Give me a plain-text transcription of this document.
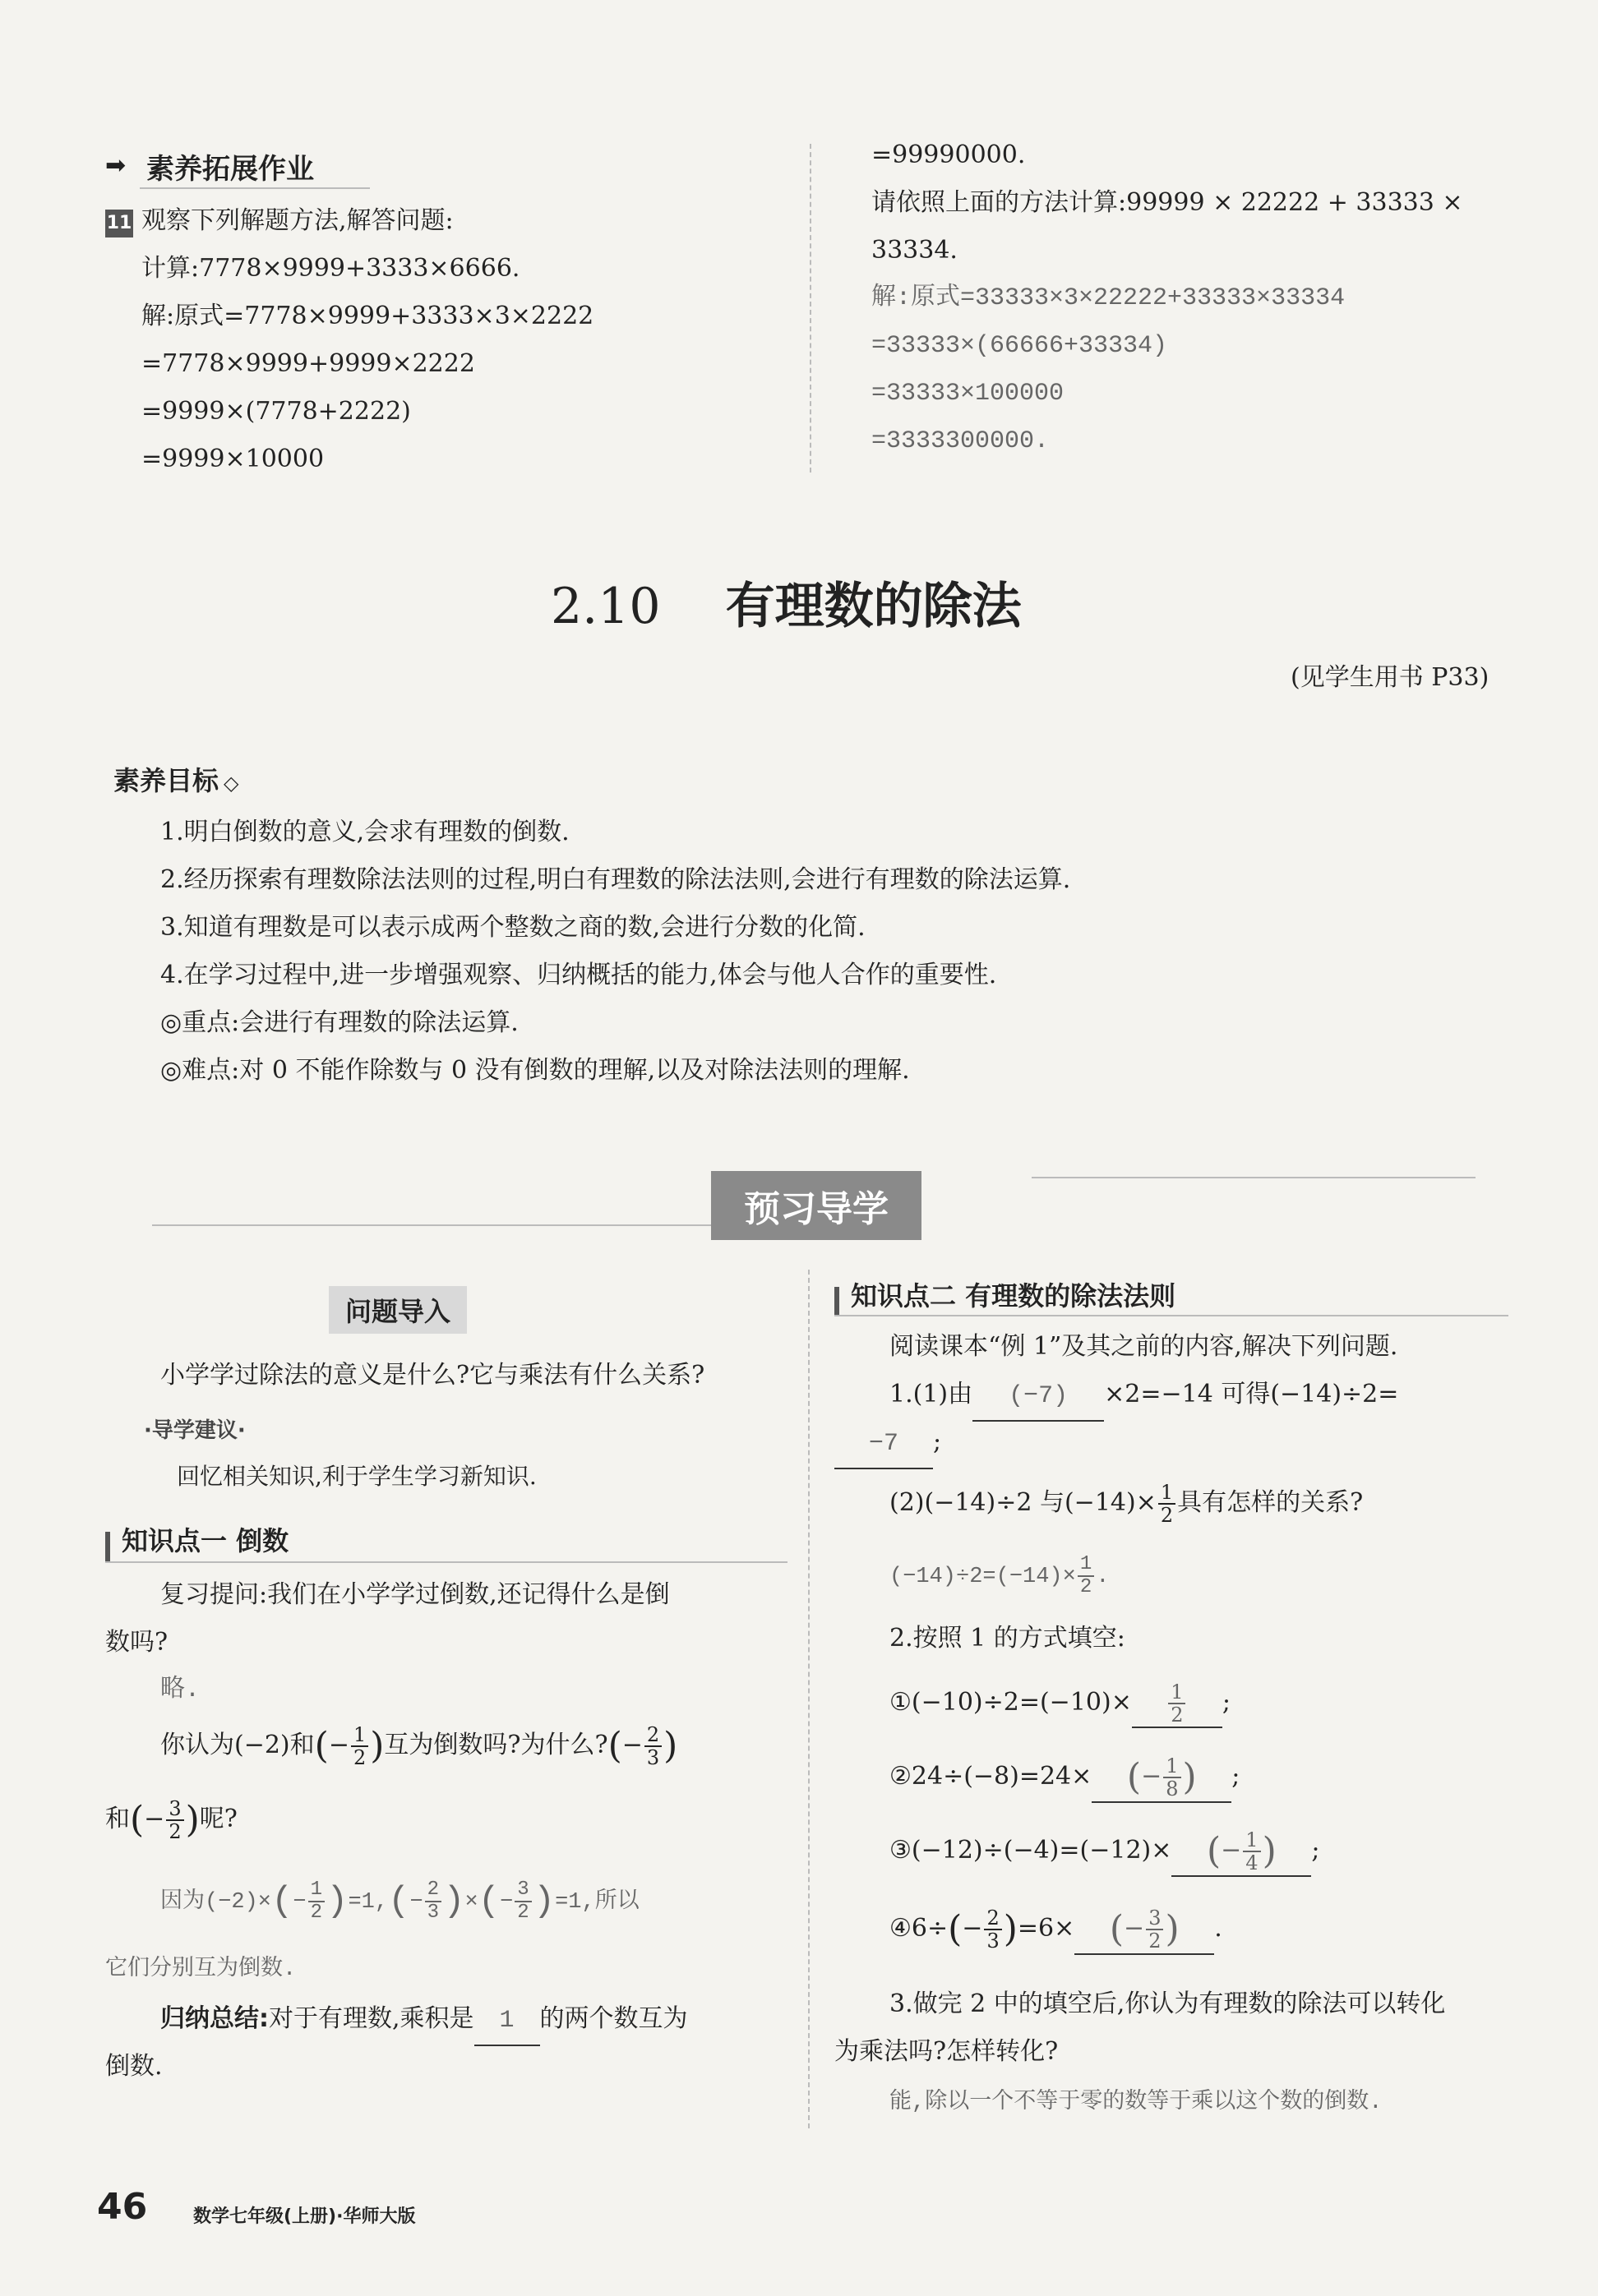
➡ 素养拓展作业
11 观察下列解题方法,解答问题:
计算:7778×9999+3333×6666.
解:原式=7778×9999+3333×3×2222
=7778×9999+9999×2222
=9999×(7778+2222)
=9999×10000
=99990000.
请依照上面的方法计算:99999 × 22222 + 33333 ×
33334.
解:原式=33333×3×22222+33333×33334
=33333×(66666+33334)
=33333×100000
=3333300000.
2.10 有理数的除法
(见学生用书 P33)
素养目标 ◇
1.明白倒数的意义,会求有理数的倒数.
2.经历探索有理数除法法则的过程,明白有理数的除法法则,会进行有理数的除法运算.
3.知道有理数是可以表示成两个整数之商的数,会进行分数的化简.
4.在学习过程中,进一步增强观察、归纳概括的能力,体会与他人合作的重要性.
◎重点:会进行有理数的除法运算.
◎难点:对 0 不能作除数与 0 没有倒数的理解,以及对除法法则的理解.
预习导学
问题导入
小学学过除法的意义是什么?它与乘法有什么关系?
·导学建议·
回忆相关知识,利于学生学习新知识.
知识点一 倒数
复习提问:我们在小学学过倒数,还记得什么是倒
数吗?
略.
你认为(−2)和(− $\frac{1}{2}$ )互为倒数吗?为什么?(− $\frac{2}{3}$ )
和(− $\frac{3}{2}$ )呢?
因为$(-2)\times(- \frac{1}{2} )=1,(- \frac{2}{3}$ )×(− $\frac{3}{2} )=1$,所以
它们分别互为倒数.
归纳总结:对于有理数,乘积是 1 的两个数互为
倒数.
知识点二 有理数的除法法则
阅读课本“例 1”及其之前的内容,解决下列问题.
1.(1)由 (−7) ×2=−14 可得(−14)÷2=
−7 ;
(2)(−14)÷2 与$(-14)\times \frac{1}{2}$ 具有怎样的关系?
$(-14)\div 2=(-14)\times \frac{1}{2}$ .
2.按照 1 的方式填空:
①(−10)÷2=(−10)× $\frac{1}{2}$ ;
②24÷(−8)=24× (− $\frac{1}{8}$ ) ;
③(−12)÷(−4)=(−12)× (− $\frac{1}{4}$ ) ;
④6÷(− $\frac{2}{3} )=6\times$ (− $\frac{3}{2}$ ) .
3.做完 2 中的填空后,你认为有理数的除法可以转化
为乘法吗?怎样转化?
能,除以一个不等于零的数等于乘以这个数的倒数.
46	数学七年级(上册)·华师大版
